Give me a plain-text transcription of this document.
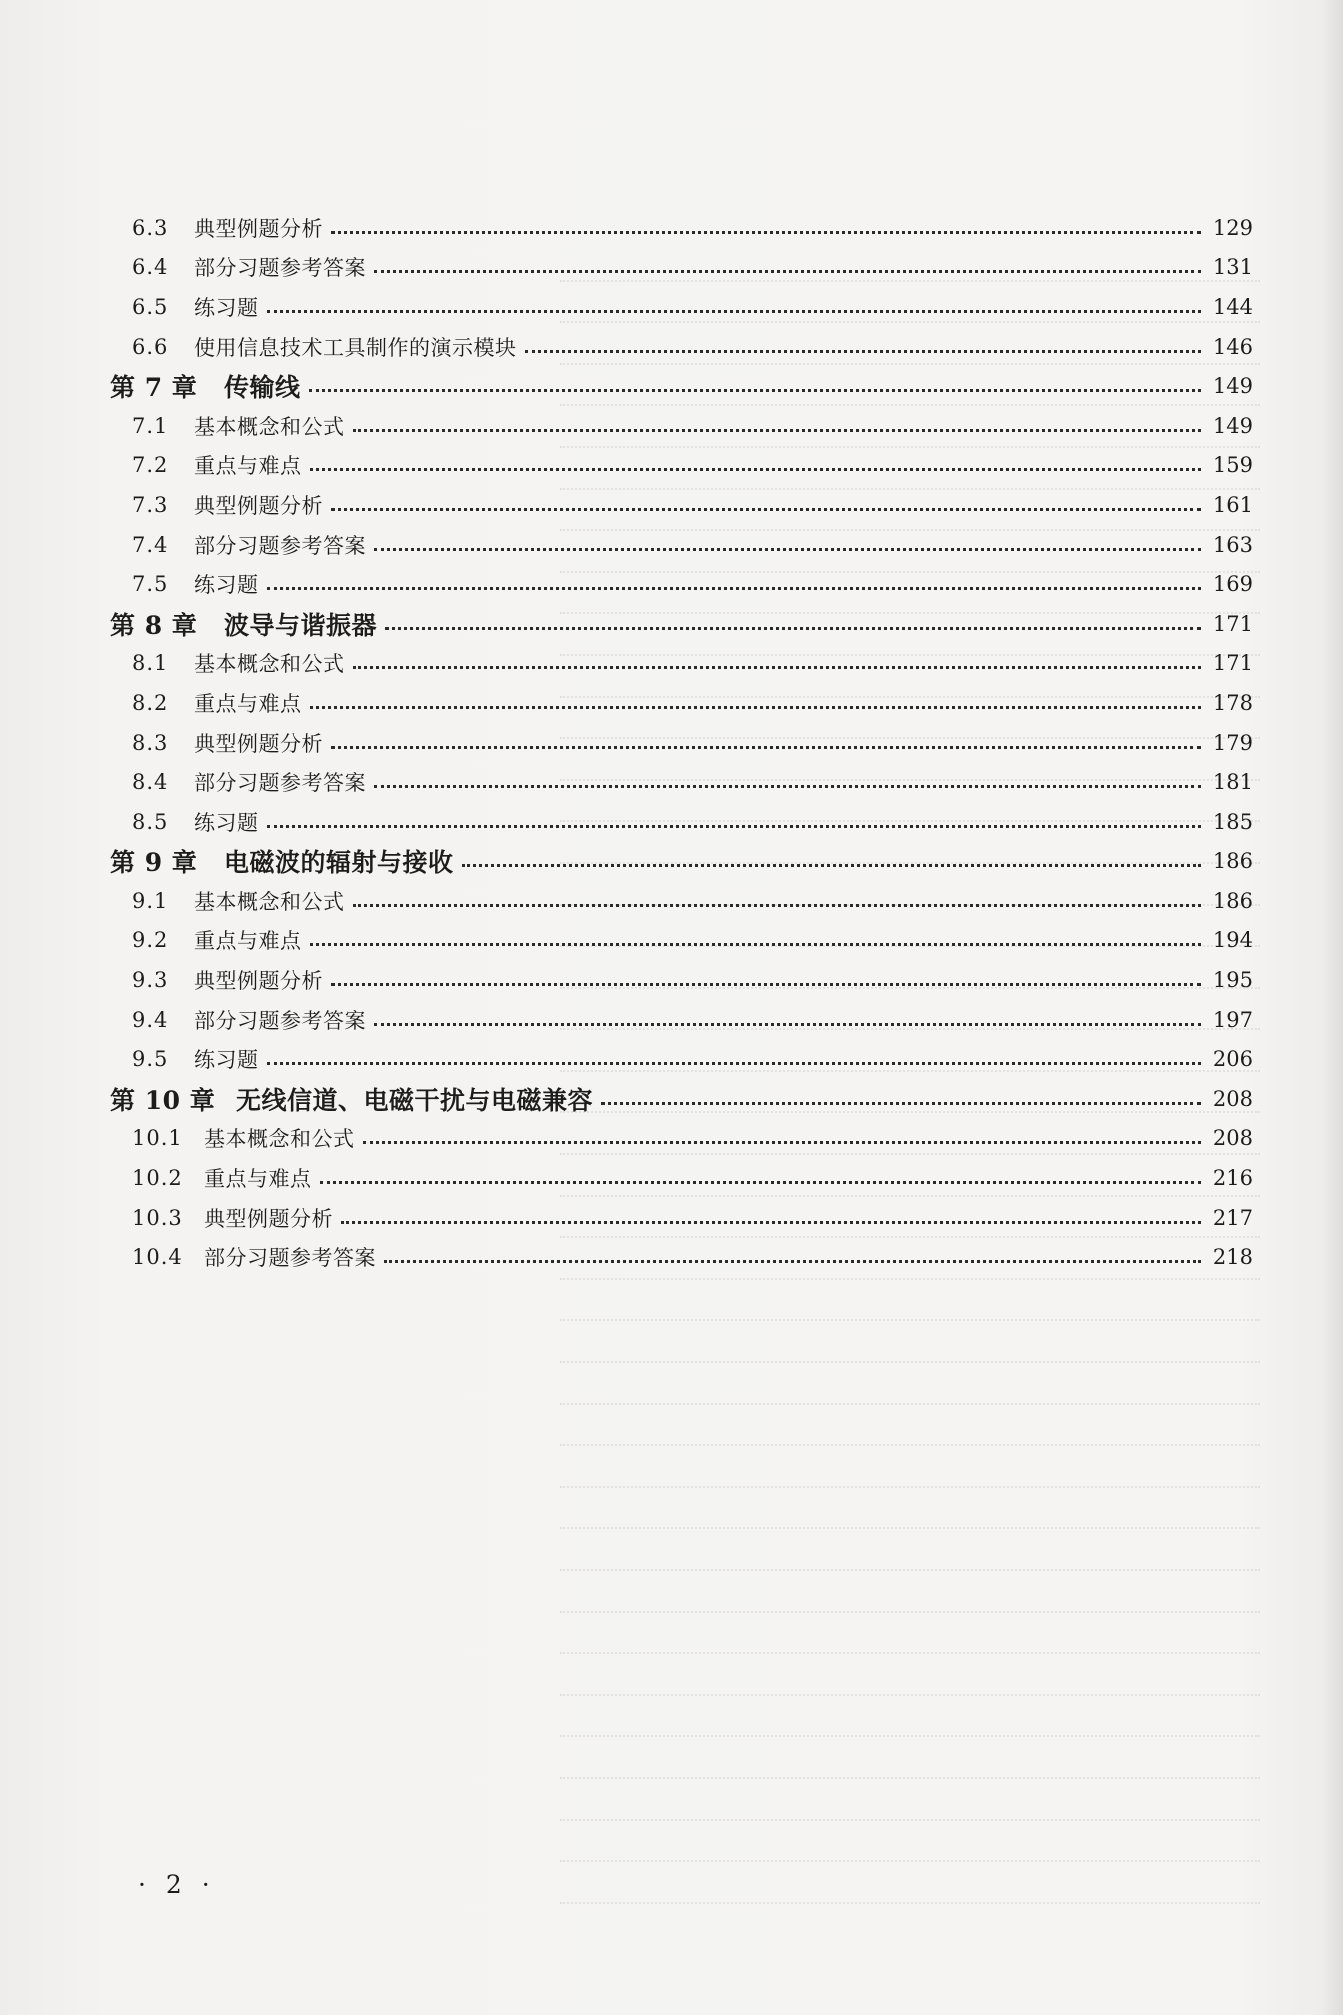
6.3	典型例题分析	129
6.4	部分习题参考答案	131
6.5	练习题	144
6.6	使用信息技术工具制作的演示模块	146
第 7 章	传输线	149
7.1	基本概念和公式	149
7.2	重点与难点	159
7.3	典型例题分析	161
7.4	部分习题参考答案	163
7.5	练习题	169
第 8 章	波导与谐振器	171
8.1	基本概念和公式	171
8.2	重点与难点	178
8.3	典型例题分析	179
8.4	部分习题参考答案	181
8.5	练习题	185
第 9 章	电磁波的辐射与接收	186
9.1	基本概念和公式	186
9.2	重点与难点	194
9.3	典型例题分析	195
9.4	部分习题参考答案	197
9.5	练习题	206
第 10 章 无线信道、电磁干扰与电磁兼容	208
10.1	基本概念和公式	208
10.2	重点与难点	216
10.3	典型例题分析	217
10.4	部分习题参考答案	218
· 2 ·
